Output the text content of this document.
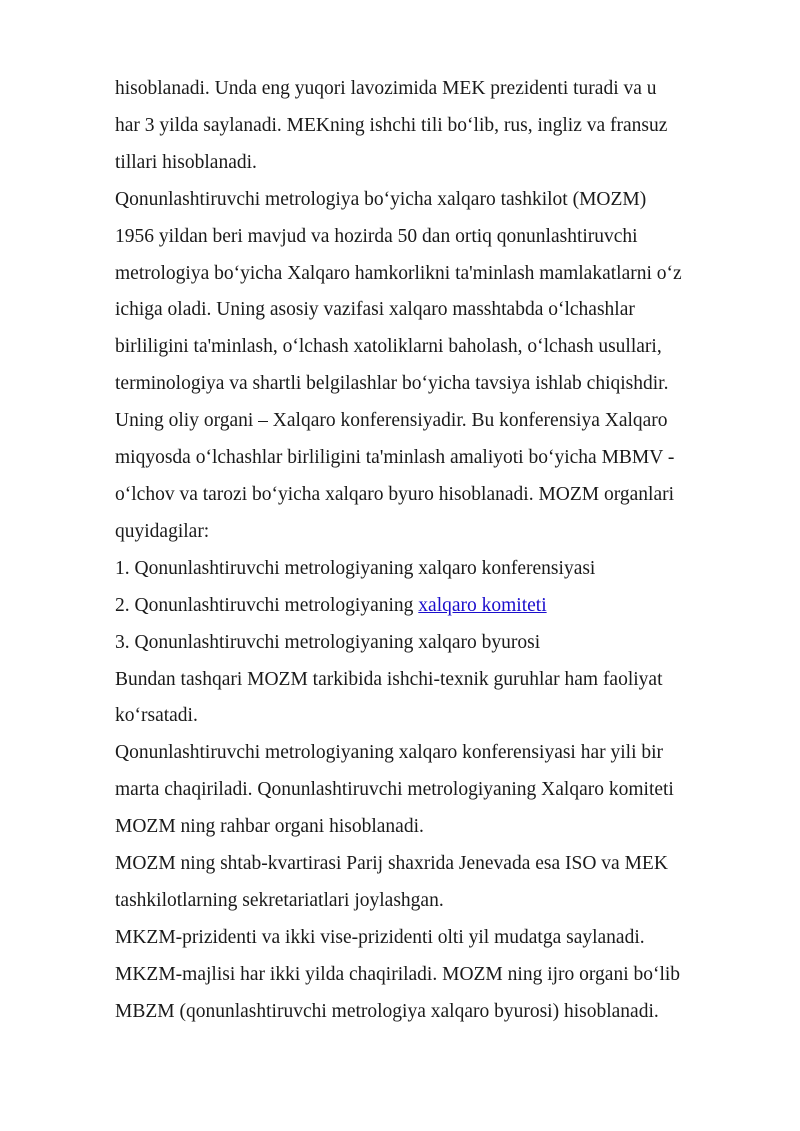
hisoblanadi. Unda eng yuqori lavozimida MEK prezidenti turadi va u
har 3 yilda saylanadi. MEKning ishchi tili bo‘lib, rus, ingliz va fransuz
tillari hisoblanadi.
Qonunlashtiruvchi metrologiya bo‘yicha xalqaro tashkilot (MOZM)
1956 yildan beri mavjud va hozirda 50 dan ortiq qonunlashtiruvchi
metrologiya bo‘yicha Xalqaro hamkorlikni ta'minlash mamlakatlarni o‘z
ichiga oladi. Uning asosiy vazifasi xalqaro masshtabda o‘lchashlar
birliligini ta'minlash, o‘lchash xatoliklarni baholash, o‘lchash usullari,
terminologiya va shartli belgilashlar bo‘yicha tavsiya ishlab chiqishdir.
Uning oliy organi – Xalqaro konferensiyadir. Bu konferensiya Xalqaro
miqyosda o‘lchashlar birliligini ta'minlash amaliyoti bo‘yicha MBMV -
o‘lchov va tarozi bo‘yicha xalqaro byuro hisoblanadi. MOZM organlari
quyidagilar:
1. Qonunlashtiruvchi metrologiyaning xalqaro konferensiyasi
2. Qonunlashtiruvchi metrologiyaning xalqaro komiteti
3. Qonunlashtiruvchi metrologiyaning xalqaro byurosi
Bundan tashqari MOZM tarkibida ishchi-texnik guruhlar ham faoliyat
ko‘rsatadi.
Qonunlashtiruvchi metrologiyaning xalqaro konferensiyasi har yili bir
marta chaqiriladi. Qonunlashtiruvchi metrologiyaning Xalqaro komiteti
MOZM ning rahbar organi hisoblanadi.
MOZM ning shtab-kvartirasi Parij shaxrida Jenevada esa ISO va MEK
tashkilotlarning sekretariatlari joylashgan.
MKZM-prizidenti va ikki vise-prizidenti olti yil mudatga saylanadi.
MKZM-majlisi har ikki yilda chaqiriladi. MOZM ning ijro organi bo‘lib
MBZM (qonunlashtiruvchi metrologiya xalqaro byurosi) hisoblanadi.
